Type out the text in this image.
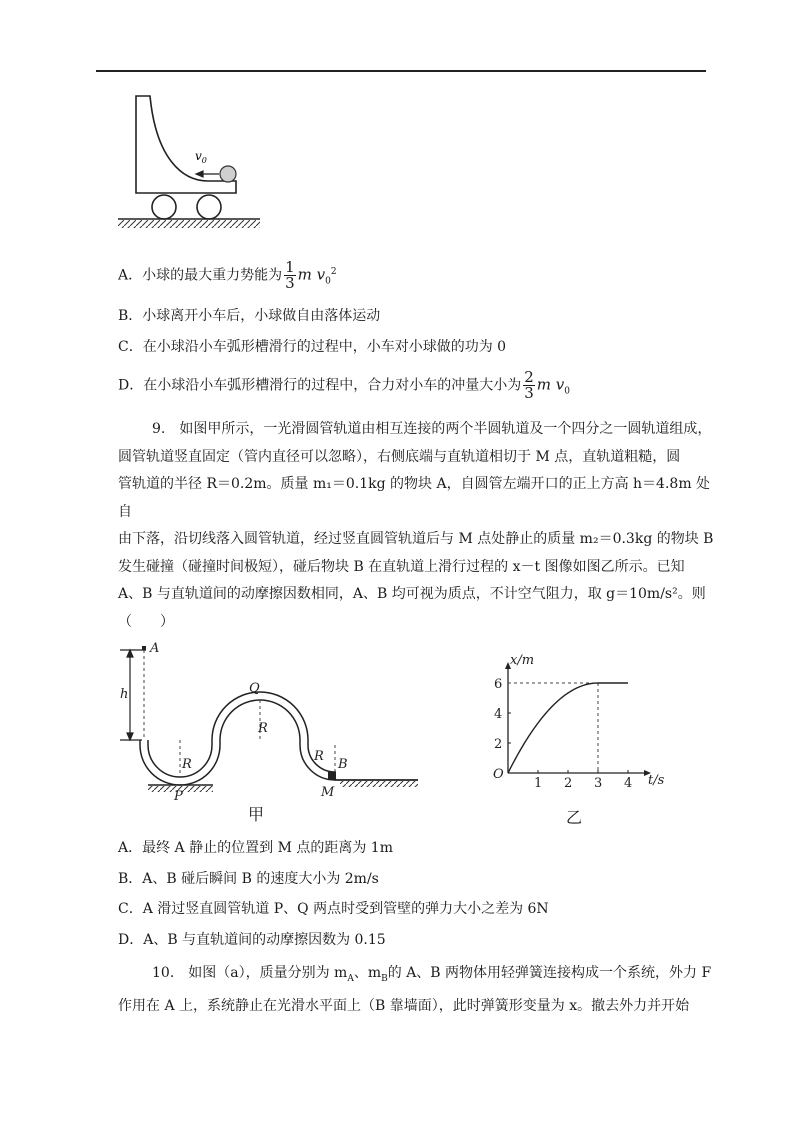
$v_0$
A．小球的最大重力势能为 $\frac{1}{3}$ m $v_0^2$
B．小球离开小车后，小球做自由落体运动
C．在小球沿小车弧形槽滑行的过程中，小车对小球做的功为 0
D．在小球沿小车弧形槽滑行的过程中，合力对小车的冲量大小为 $\frac{2}{3}$ m $v_0$

9.　如图甲所示，一光滑圆管轨道由相互连接的两个半圆轨道及一个四分之一圆轨道组成，

圆管轨道竖直固定（管内直径可以忽略），右侧底端与直轨道相切于 M 点，直轨道粗糙，圆

管轨道的半径 R＝0.2m。质量 m₁＝0.1kg 的物块 A，自圆管左端开口的正上方高 h＝4.8m 处自

由下落，沿切线落入圆管轨道，经过竖直圆管轨道后与 M 点处静止的质量 m₂＝0.3kg 的物块 B

发生碰撞（碰撞时间极短），碰后物块 B 在直轨道上滑行过程的 x－t 图像如图乙所示。已知

A、B 与直轨道间的动摩擦因数相同，A、B 均可视为质点，不计空气阻力，取 g＝10m/s²。则

（　　）

A
h	Q
R
R
P
R
B
M
甲
x/m
t/s
O
1 2 3 4
2
4
6
乙
A．最终 A 静止的位置到 M 点的距离为 1m
B．A、B 碰后瞬间 B 的速度大小为 2m/s
C．A 滑过竖直圆管轨道 P、Q 两点时受到管壁的弹力大小之差为 6N
D．A、B 与直轨道间的动摩擦因数为 0.15

10.　如图（a），质量分别为 $m_A$、$m_B$的 A、B 两物体用轻弹簧连接构成一个系统，外力 F

作用在 A 上，系统静止在光滑水平面上（B 靠墙面），此时弹簧形变量为 x。撤去外力并开始
